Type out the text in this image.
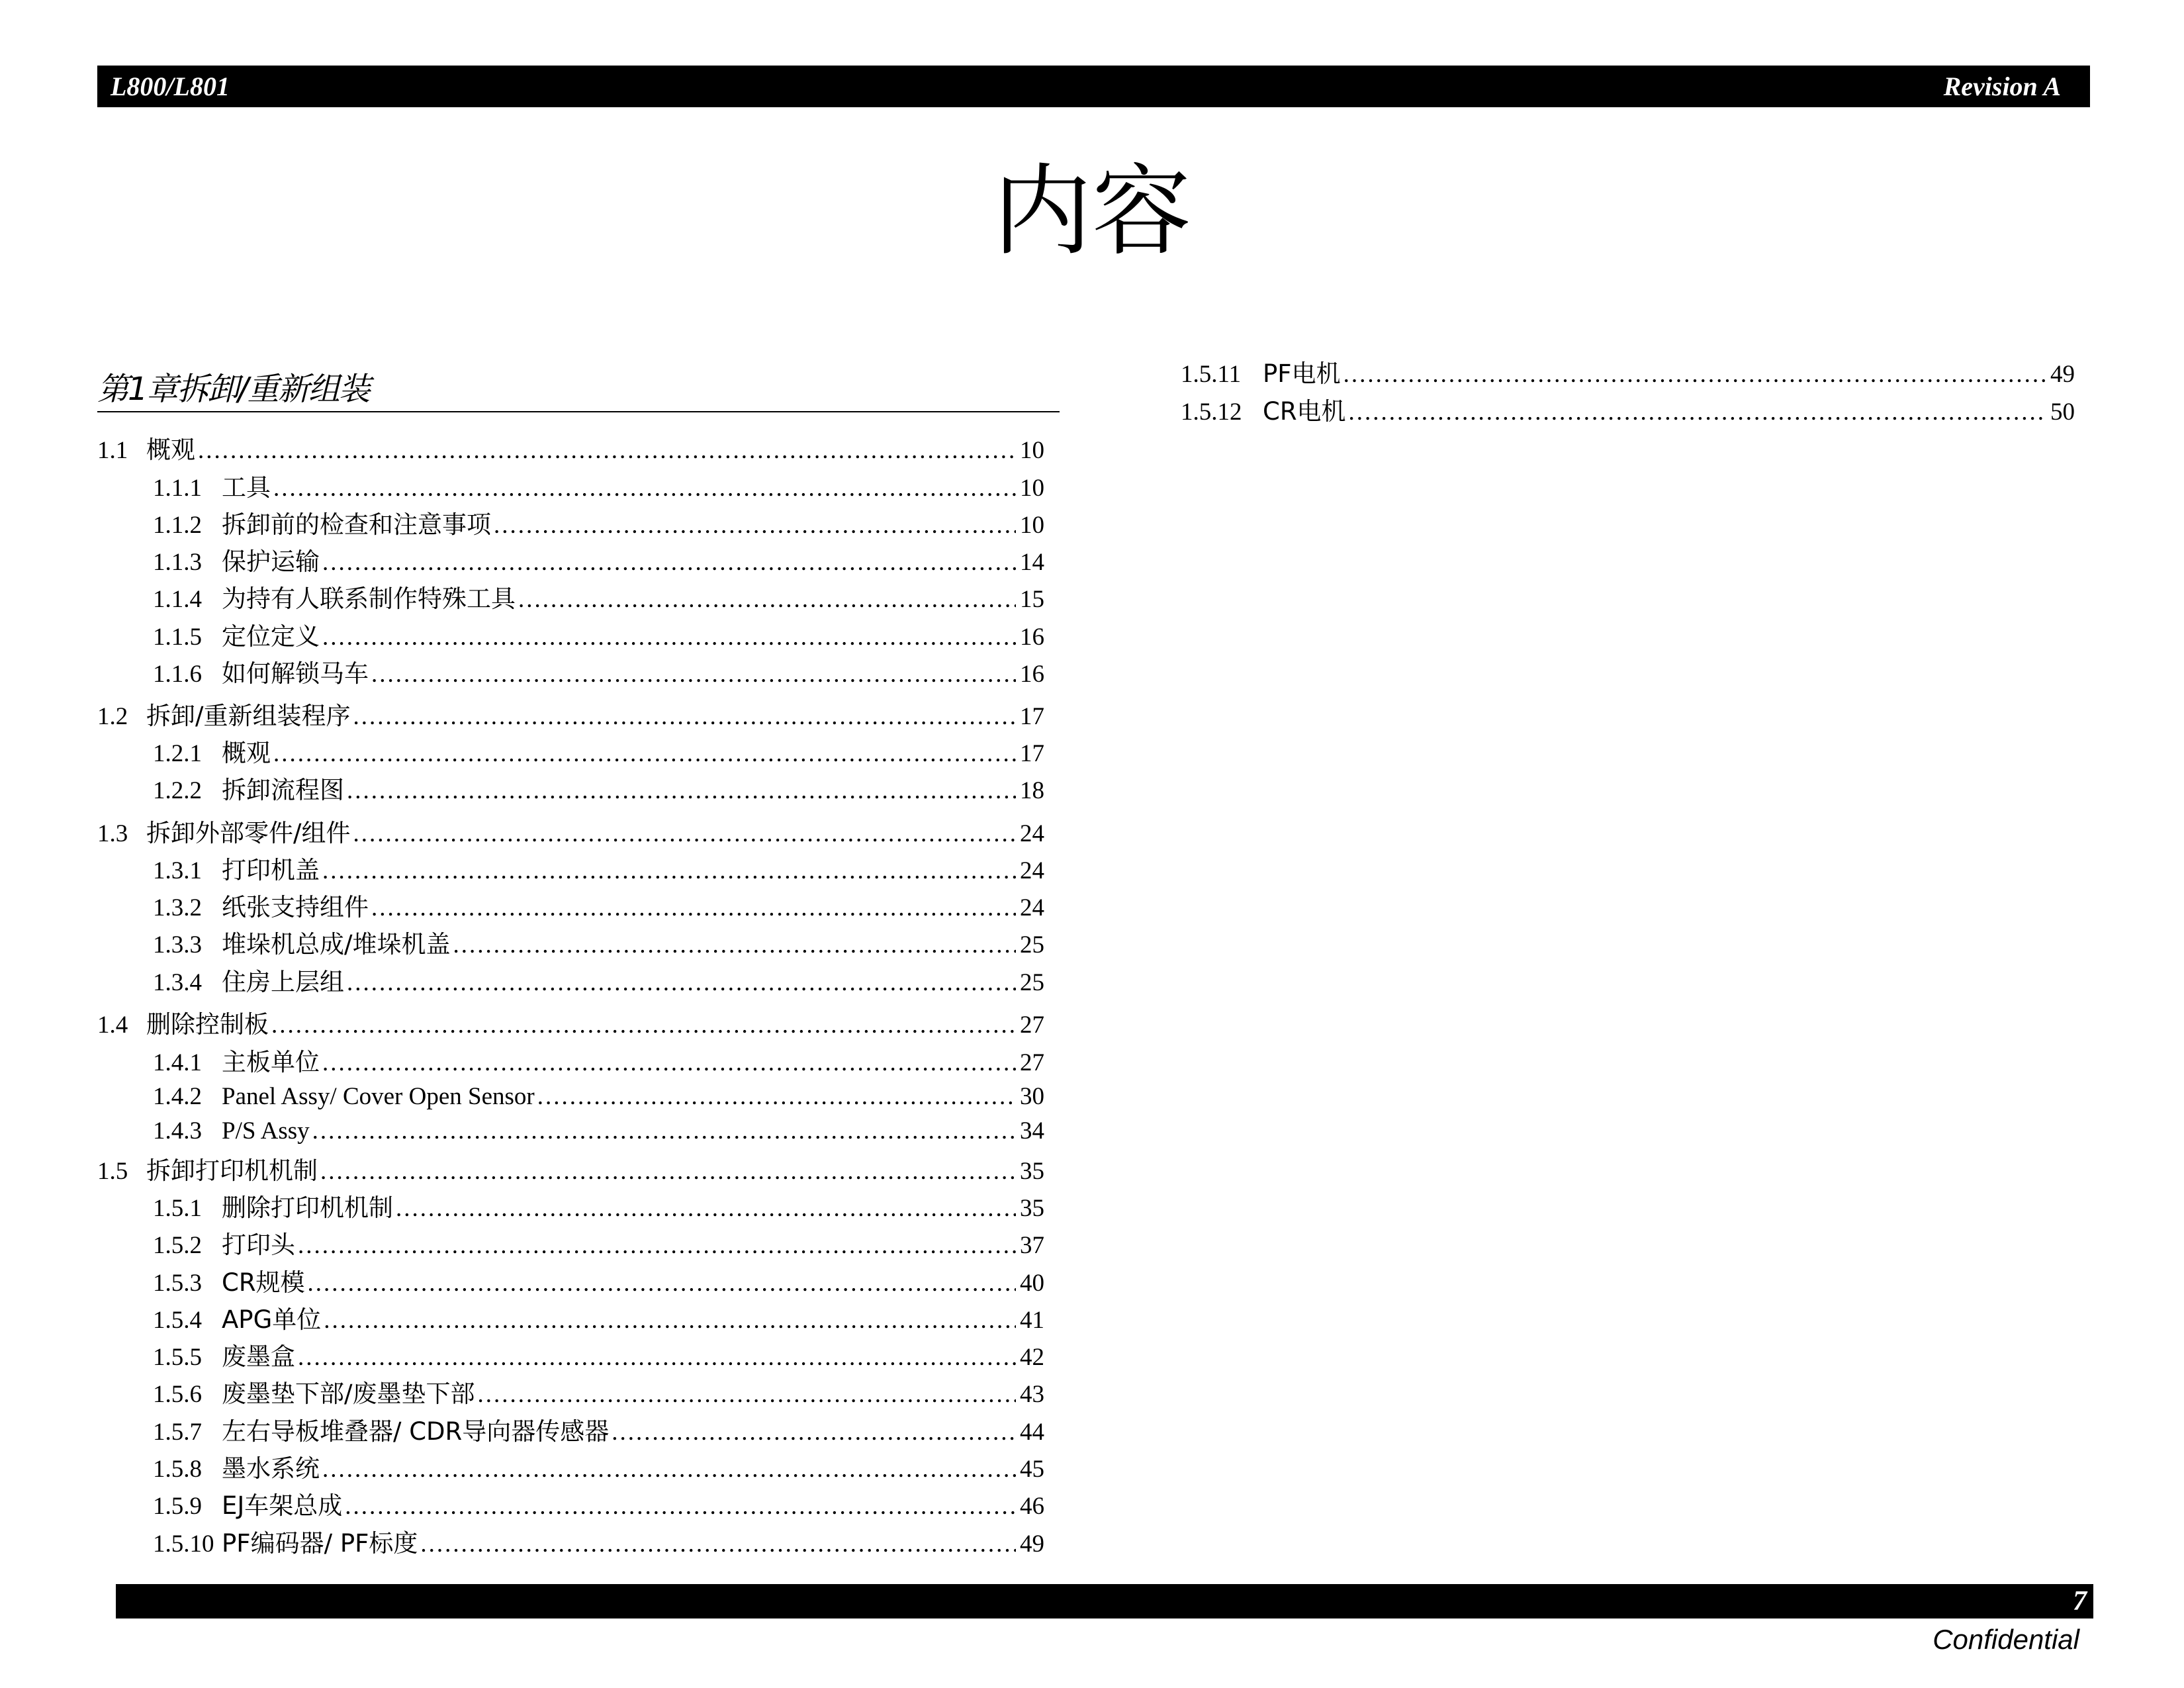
L800/L801	Revision A
内容
第1章拆卸/重新组装
1.1 概观 .....	10
1.1.1 工具 .....	10
1.1.2 拆卸前的检查和注意事项 .....	10
1.1.3 保护运输 .....	14
1.1.4 为持有人联系制作特殊工具 .....	15
1.1.5 定位定义 .....	16
1.1.6 如何解锁马车 .....	16
1.2 拆卸/重新组装程序 .....	17
1.2.1 概观 .....	17
1.2.2 拆卸流程图 .....	18
1.3 拆卸外部零件/组件 .....	24
1.3.1 打印机盖 .....	24
1.3.2 纸张支持组件 .....	24
1.3.3 堆垛机总成/堆垛机盖 .....	25
1.3.4 住房上层组 .....	25
1.4 删除控制板 .....	27
1.4.1 主板单位 .....	27
1.4.2 Panel Assy/ Cover Open Sensor .....	30
1.4.3 P/S Assy .....	34
1.5 拆卸打印机机制 .....	35
1.5.1 删除打印机机制 .....	35
1.5.2 打印头 .....	37
1.5.3 CR规模 .....	40
1.5.4 APG单位 .....	41
1.5.5 废墨盒 .....	42
1.5.6 废墨垫下部/废墨垫下部 .....	43
1.5.7 左右导板堆叠器/ CDR导向器传感器 .....	44
1.5.8 墨水系统 .....	45
1.5.9 EJ车架总成 .....	46
1.5.10 PF编码器/ PF标度 .....	49
1.5.11 PF电机 .....	49
1.5.12 CR电机 .....	50
7
Confidential
